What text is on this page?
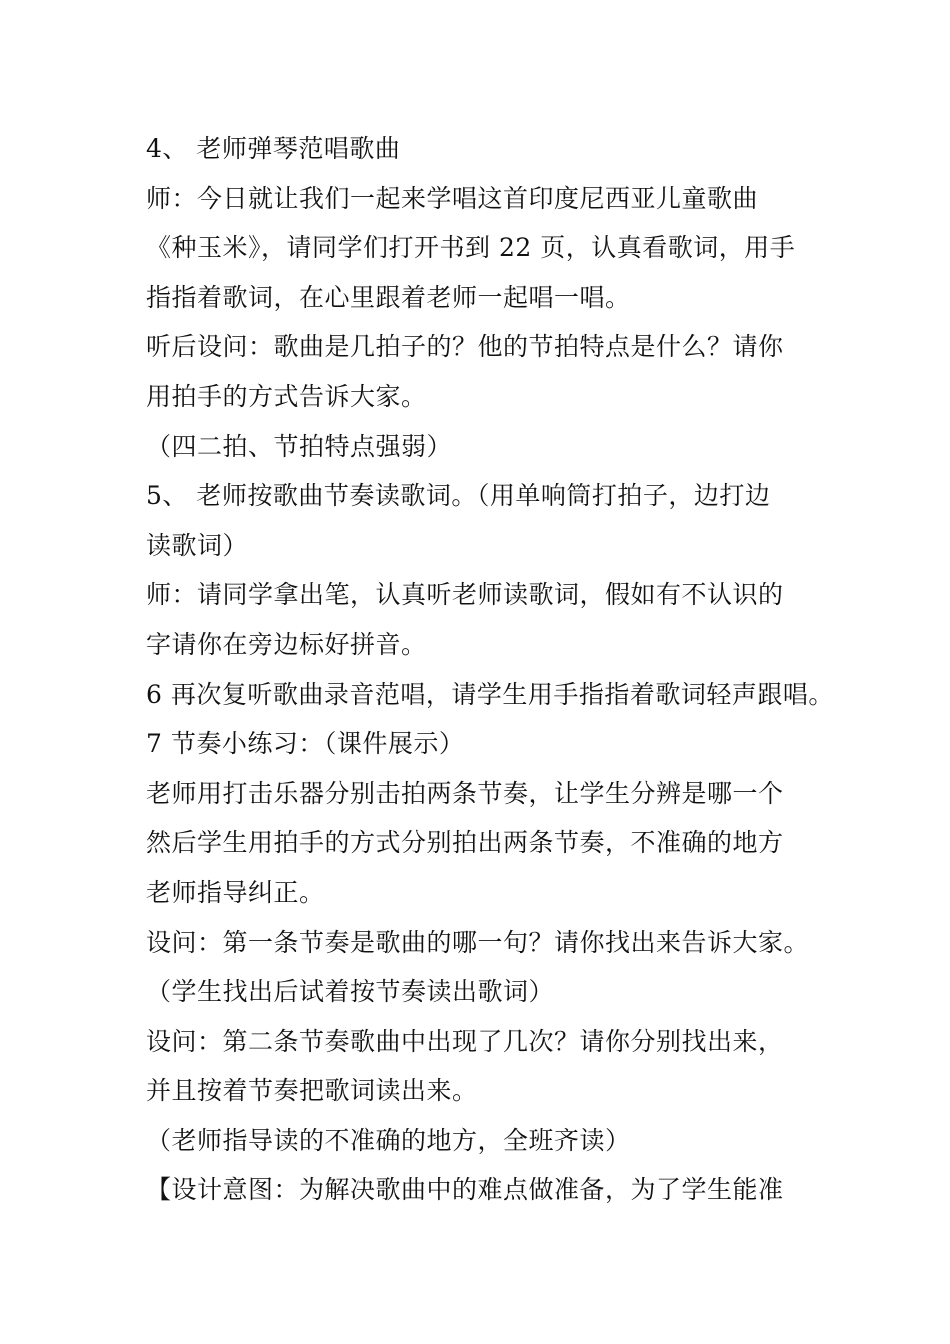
4、 老师弹琴范唱歌曲
师：今日就让我们一起来学唱这首印度尼西亚儿童歌曲
《种玉米》，请同学们打开书到 22 页，认真看歌词，用手
指指着歌词，在心里跟着老师一起唱一唱。
听后设问：歌曲是几拍子的？他的节拍特点是什么？请你
用拍手的方式告诉大家。
（四二拍、节拍特点强弱）
5、 老师按歌曲节奏读歌词。（用单响筒打拍子，边打边
读歌词）
师：请同学拿出笔，认真听老师读歌词，假如有不认识的
字请你在旁边标好拼音。
6 再次复听歌曲录音范唱，请学生用手指指着歌词轻声跟唱。
7 节奏小练习：（课件展示）
老师用打击乐器分别击拍两条节奏，让学生分辨是哪一个
然后学生用拍手的方式分别拍出两条节奏，不准确的地方
老师指导纠正。
设问：第一条节奏是歌曲的哪一句？请你找出来告诉大家。
（学生找出后试着按节奏读出歌词）
设问：第二条节奏歌曲中出现了几次？请你分别找出来，
并且按着节奏把歌词读出来。
（老师指导读的不准确的地方，全班齐读）
【设计意图：为解决歌曲中的难点做准备，为了学生能准
